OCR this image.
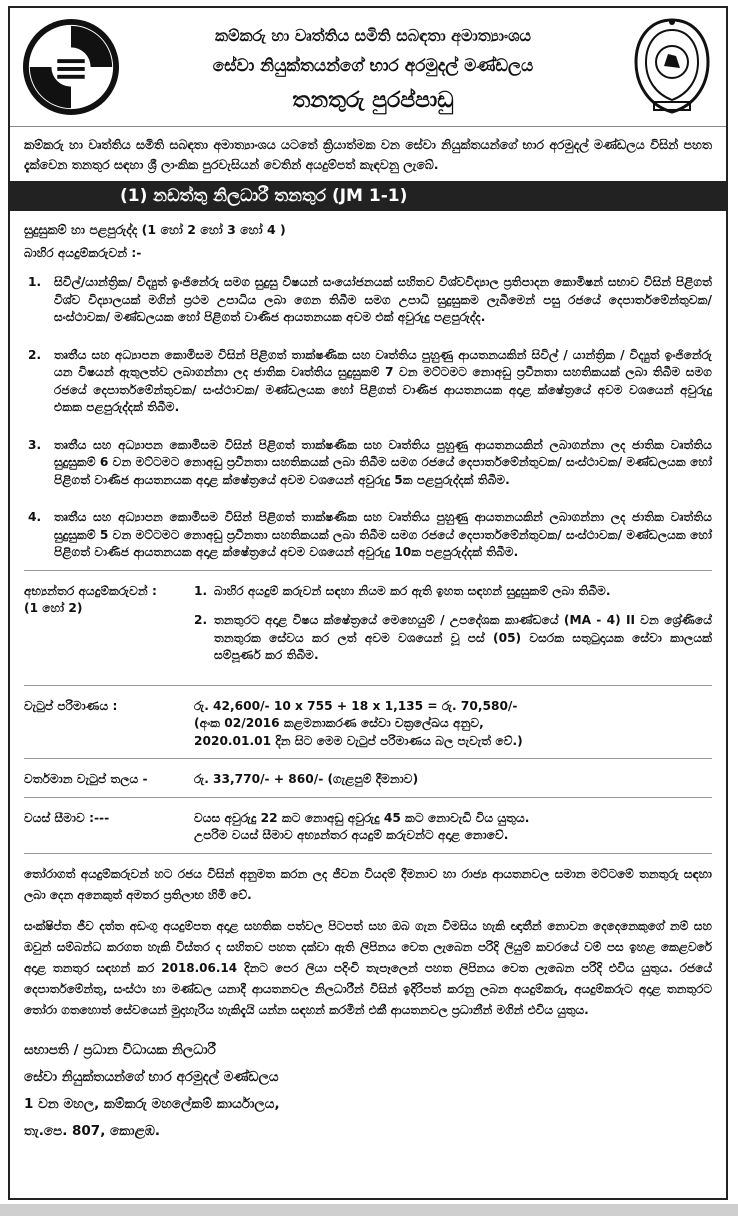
කම්කරු හා වෘත්තිය සමිති සබඳතා අමාත්‍යාංශය
සේවා නියුක්තයන්ගේ භාර අරමුදල් මණ්ඩලය
තනතුරු පුරප්පාඩු
කම්කරු හා වෘත්තිය සමිති සබඳතා අමාත්‍යාංශය යටතේ ක්‍රියාත්මක වන සේවා නියුක්තයන්ගේ භාර අරමුදල් මණ්ඩලය විසින් පහත දැක්වෙන තනතුර සඳහා ශ්‍රී ලාංකික පුරවැසියන් වෙතින් අයදුම්පත් කැඳවනු ලැබේ.
(1) නඩත්තු නිලධාරී තනතුර (JM 1-1)
සුදුසුකම් හා පළපුරුද්ද (1 හෝ 2 හෝ 3 හෝ 4 )
බාහිර අයදුම්කරුවන් :-
1.	සිවිල්/යාන්ත්‍රික/ විද්‍යුත් ඉංජිනේරු සමග සුදුසු විෂයන් සංයෝජනයක් සහිතව විශ්වවිද්‍යාල ප්‍රතිපාදන කොමිෂන් සභාව විසින් පිළිගත් විශ්ව විද්‍යාලයක් මගින් ප්‍රථම උපාධිය ලබා ගෙන තිබීම සමග උපාධි සුදුසුකම ලැබීමෙන් පසු රජයේ දෙපාර්තමේන්තුවක/ සංස්ථාවක/ මණ්ඩලයක හෝ පිළිගත් වාණිජ ආයතනයක අවම එක් අවුරුදු පළපුරුද්ද.
2.	තෘතීය සහ අධ්‍යාපන කොමිසම විසින් පිළිගත් තාක්ෂණික සහ වෘත්තිය පුහුණු ආයතනයකින් සිවිල් / යාන්ත්‍රික / විද්‍යුත් ඉංජිනේරු යන විෂයන් ඇතුලත්ව ලබාගන්නා ලද ජාතික වෘත්තිය සුදුසුකම් 7 වන මට්ටමට නොඅඩු ප්‍රවීනතා සහතිකයක් ලබා තිබීම සමග රජයේ දෙපාර්තමේන්තුවක/ සංස්ථාවක/ මණ්ඩලයක හෝ පිළිගත් වාණිජ ආයතනයක අදාළ ක්ෂේත්‍රයේ අවම වශයෙන් අවුරුදු එකක පළපුරුද්දක් තිබීම.
3.	තෘතීය සහ අධ්‍යාපන කොමිසම විසින් පිළිගත් තාක්ෂණික සහ වෘත්තිය පුහුණු ආයතනයකින් ලබාගන්නා ලද ජාතික වෘත්තිය සුදුසුකම් 6 වන මට්ටමට නොඅඩු ප්‍රවීනතා සහතිකයක් ලබා තිබීම සමග රජයේ දෙපාර්තමේන්තුවක/ සංස්ථාවක/ මණ්ඩලයක හෝ පිළිගත් වාණිජ ආයතනයක අදාළ ක්ෂේත්‍රයේ අවම වශයෙන් අවුරුදු 5ක පළපුරුද්දක් තිබීම.
4.	තෘතීය සහ අධ්‍යාපන කොමිසම විසින් පිළිගත් තාක්ෂණික සහ වෘත්තිය පුහුණු ආයතනයකින් ලබාගන්නා ලද ජාතික වෘත්තිය සුදුසුකම් 5 වන මට්ටමට නොඅඩු ප්‍රවීනතා සහතිකයක් ලබා තිබීම සමග රජයේ දෙපාර්තමේන්තුවක/ සංස්ථාවක/ මණ්ඩලයක හෝ පිළිගත් වාණිජ ආයතනයක අදාළ ක්ෂේත්‍රයේ අවම වශයෙන් අවුරුදු 10ක පළපුරුද්දක් තිබීම.
අභ්‍යන්තර අයදුම්කරුවන් :
(1 හෝ 2)
1. බාහිර අයදුම් කරුවන් සඳහා නියම කර ඇති ඉහත සඳහන් සුදුසුකම් ලබා තිබීම.
2. තනතුරට අදාළ විෂය ක්ෂේත්‍රයේ මෙහෙයුම් / උපදේශක කාණ්ඩයේ (MA - 4) II වන ශ්‍රේණියේ තනතුරක සේවය කර ලත් අවම වශයෙන් වූ පස් (05) වසරක සතුටුදායක සේවා කාලයක් සම්පූර්ණ කර තිබීම.
වැටුප් පරිමාණය :	රු. 42,600/- 10 x 755 + 18 x 1,135 = රු. 70,580/-
(අංක 02/2016 කළමනාකරණ සේවා චක්‍රලේඛය අනුව,
2020.01.01 දින සිට මෙම වැටුප් පරිමාණය බල පැවැත් වේ.)
වර්තමාන වැටුප් තලය -	රු. 33,770/- + 860/- (ගැළපුම් දීමනාව)
වයස් සීමාව :---	වයස අවුරුදු 22 කට නොඅඩු අවුරුදු 45 කට නොවැඩි විය යුතුය.
උපරිම වයස් සීමාව අභ්‍යන්තර අයදුම් කරුවන්ට අදාළ නොවේ.
තෝරාගත් අයදුම්කරුවන් හට රජය විසින් අනුමත කරන ලද ජීවන වියදම් දීමනාව හා රාජ්‍ය ආයතනවල සමාන මට්ටමේ තනතුරු සඳහා ලබා දෙන අනෙකුත් අමතර ප්‍රතිලාභ හිමි වේ.
සංක්ෂිප්ත ජීව දත්ත අඩංගු අයදුම්පත අදාළ සහතික පත්වල පිටපත් සහ ඔබ ගැන විමසිය හැකි ඥාතීන් නොවන දෙදෙනෙකුගේ නම් සහ ඔවුන් සම්බන්ධ කරගත හැකි විස්තර ද සහිතව පහත දක්වා ඇති ලිපිනය වෙත ලැබෙන පරිදි ලියුම් කවරයේ වම් පස ඉහළ කෙළවරේ අදාළ තනතුර සඳහන් කර 2018.06.14 දිනට පෙර ලියා පදිංචි තැපෑලෙන් පහත ලිපිනය වෙත ලැබෙන පරිදි එවිය යුතුය. රජයේ දෙපාර්තමේන්තු, සංස්ථා හා මණ්ඩල යනාදී ආයතනවල නිලධාරීන් විසින් ඉදිරිපත් කරනු ලබන අයදුම්කරු, අයදුම්කරුට අදාළ තනතුරට තෝරා ගතහොත් සේවයෙන් මුදාහැරිය හැකිදැයි යන්න සඳහන් කරමින් එකී ආයතනවල ප්‍රධානීන් මගින් එවිය යුතුය.
සභාපති / ප්‍රධාන විධායක නිලධාරී
සේවා නියුක්තයන්ගේ භාර අරමුදල් මණ්ඩලය
1 වන මහල, කම්කරු මහලේකම් කාර්යාලය,
තැ.පෙ. 807, කොළඹ.
